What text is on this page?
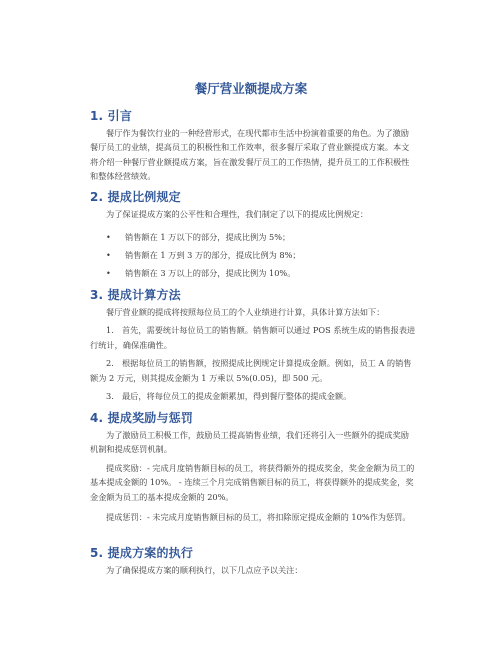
餐厅营业额提成方案
1. 引言
餐厅作为餐饮行业的一种经营形式，在现代都市生活中扮演着重要的角色。为了激励餐厅员工的业绩，提高员工的积极性和工作效率，很多餐厅采取了营业额提成方案。本文将介绍一种餐厅营业额提成方案，旨在激发餐厅员工的工作热情，提升员工的工作积极性和整体经营绩效。
2. 提成比例规定
为了保证提成方案的公平性和合理性，我们制定了以下的提成比例规定：
• 销售额在 1 万以下的部分，提成比例为 5%；
• 销售额在 1 万到 3 万的部分，提成比例为 8%；
• 销售额在 3 万以上的部分，提成比例为 10%。
3. 提成计算方法
餐厅营业额的提成将按照每位员工的个人业绩进行计算，具体计算方法如下：
1.　首先，需要统计每位员工的销售额。销售额可以通过 POS 系统生成的销售报表进行统计，确保准确性。
2.　根据每位员工的销售额，按照提成比例规定计算提成金额。例如，员工 A 的销售额为 2 万元，则其提成金额为 1 万乘以 5%(0.05)，即 500 元。
3.　最后，将每位员工的提成金额累加，得到餐厅整体的提成金额。
4. 提成奖励与惩罚
为了激励员工积极工作，鼓励员工提高销售业绩，我们还将引入一些额外的提成奖励机制和提成惩罚机制。
提成奖励：- 完成月度销售额目标的员工，将获得额外的提成奖金，奖金金额为员工的基本提成金额的 10%。 - 连续三个月完成销售额目标的员工，将获得额外的提成奖金，奖金金额为员工的基本提成金额的 20%。
提成惩罚：- 未完成月度销售额目标的员工，将扣除原定提成金额的 10%作为惩罚。
5. 提成方案的执行
为了确保提成方案的顺利执行，以下几点应予以关注：
